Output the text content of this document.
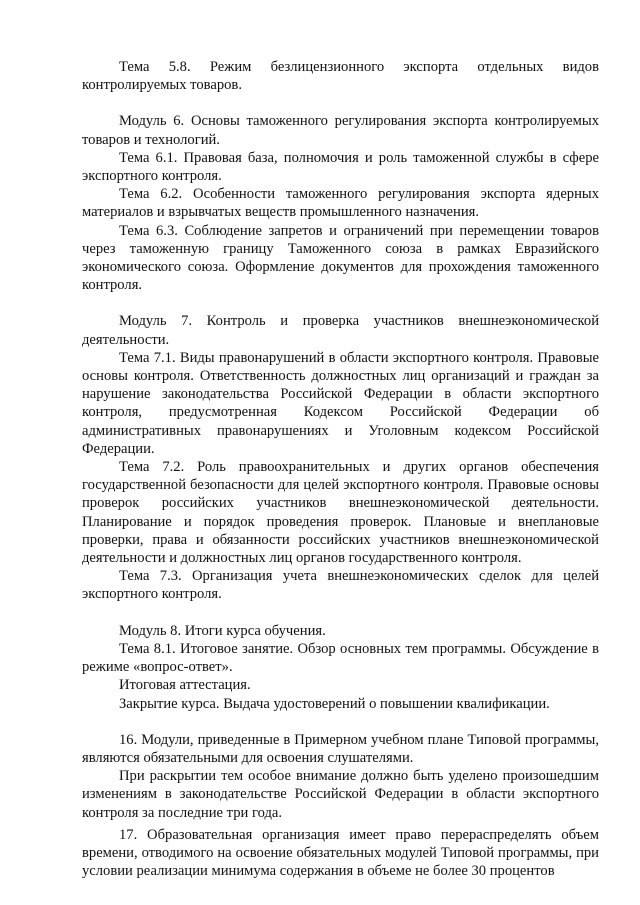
Тема 5.8. Режим безлицензионного экспорта отдельных видов контролируемых товаров.

Модуль 6. Основы таможенного регулирования экспорта контролируемых товаров и технологий.

Тема 6.1. Правовая база, полномочия и роль таможенной службы в сфере экспортного контроля.

Тема 6.2. Особенности таможенного регулирования экспорта ядерных материалов и взрывчатых веществ промышленного назначения.

Тема 6.3. Соблюдение запретов и ограничений при перемещении товаров через таможенную границу Таможенного союза в рамках Евразийского экономического союза. Оформление документов для прохождения таможенного контроля.

Модуль 7. Контроль и проверка участников внешнеэкономической деятельности.

Тема 7.1. Виды правонарушений в области экспортного контроля. Правовые основы контроля. Ответственность должностных лиц организаций и граждан за нарушение законодательства Российской Федерации в области экспортного контроля, предусмотренная Кодексом Российской Федерации об административных правонарушениях и Уголовным кодексом Российской Федерации.

Тема 7.2. Роль правоохранительных и других органов обеспечения государственной безопасности для целей экспортного контроля. Правовые основы проверок российских участников внешнеэкономической деятельности. Планирование и порядок проведения проверок. Плановые и внеплановые проверки, права и обязанности российских участников внешнеэкономической деятельности и должностных лиц органов государственного контроля.

Тема 7.3. Организация учета внешнеэкономических сделок для целей экспортного контроля.

Модуль 8. Итоги курса обучения.

Тема 8.1. Итоговое занятие. Обзор основных тем программы. Обсуждение в режиме «вопрос-ответ».

Итоговая аттестация.

Закрытие курса. Выдача удостоверений о повышении квалификации.

16. Модули, приведенные в Примерном учебном плане Типовой программы, являются обязательными для освоения слушателями.

При раскрытии тем особое внимание должно быть уделено произошедшим изменениям в законодательстве Российской Федерации в области экспортного контроля за последние три года.

17. Образовательная организация имеет право перераспределять объем времени, отводимого на освоение обязательных модулей Типовой программы, при условии реализации минимума содержания в объеме не более 30 процентов
